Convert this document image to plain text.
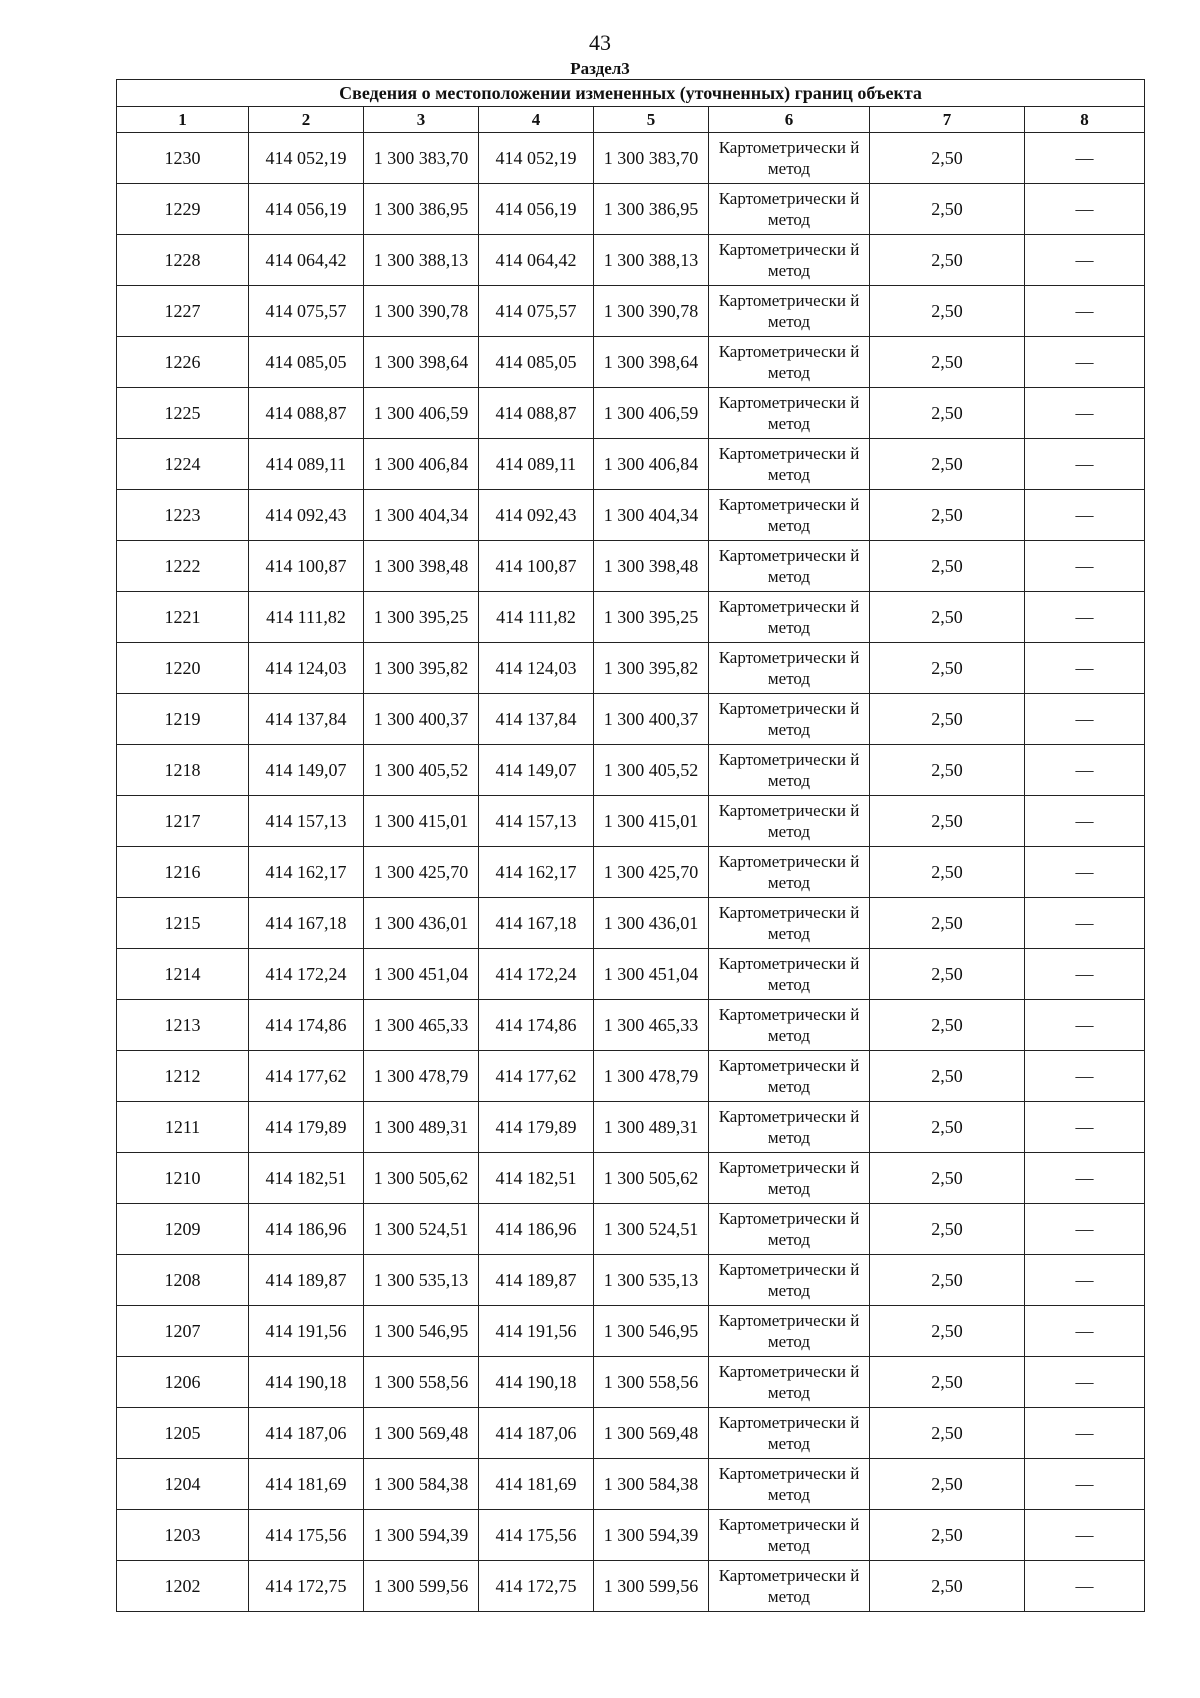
43
Раздел3
Сведения о местоположении измененных (уточненных) границ объекта							
1	2	3	4	5	6	7	8
1230	414 052,19	1 300 383,70	414 052,19	1 300 383,70	Картометрически й метод	2,50	—
1229	414 056,19	1 300 386,95	414 056,19	1 300 386,95	Картометрически й метод	2,50	—
1228	414 064,42	1 300 388,13	414 064,42	1 300 388,13	Картометрически й метод	2,50	—
1227	414 075,57	1 300 390,78	414 075,57	1 300 390,78	Картометрически й метод	2,50	—
1226	414 085,05	1 300 398,64	414 085,05	1 300 398,64	Картометрически й метод	2,50	—
1225	414 088,87	1 300 406,59	414 088,87	1 300 406,59	Картометрически й метод	2,50	—
1224	414 089,11	1 300 406,84	414 089,11	1 300 406,84	Картометрически й метод	2,50	—
1223	414 092,43	1 300 404,34	414 092,43	1 300 404,34	Картометрически й метод	2,50	—
1222	414 100,87	1 300 398,48	414 100,87	1 300 398,48	Картометрически й метод	2,50	—
1221	414 111,82	1 300 395,25	414 111,82	1 300 395,25	Картометрически й метод	2,50	—
1220	414 124,03	1 300 395,82	414 124,03	1 300 395,82	Картометрически й метод	2,50	—
1219	414 137,84	1 300 400,37	414 137,84	1 300 400,37	Картометрически й метод	2,50	—
1218	414 149,07	1 300 405,52	414 149,07	1 300 405,52	Картометрически й метод	2,50	—
1217	414 157,13	1 300 415,01	414 157,13	1 300 415,01	Картометрически й метод	2,50	—
1216	414 162,17	1 300 425,70	414 162,17	1 300 425,70	Картометрически й метод	2,50	—
1215	414 167,18	1 300 436,01	414 167,18	1 300 436,01	Картометрически й метод	2,50	—
1214	414 172,24	1 300 451,04	414 172,24	1 300 451,04	Картометрически й метод	2,50	—
1213	414 174,86	1 300 465,33	414 174,86	1 300 465,33	Картометрически й метод	2,50	—
1212	414 177,62	1 300 478,79	414 177,62	1 300 478,79	Картометрически й метод	2,50	—
1211	414 179,89	1 300 489,31	414 179,89	1 300 489,31	Картометрически й метод	2,50	—
1210	414 182,51	1 300 505,62	414 182,51	1 300 505,62	Картометрически й метод	2,50	—
1209	414 186,96	1 300 524,51	414 186,96	1 300 524,51	Картометрически й метод	2,50	—
1208	414 189,87	1 300 535,13	414 189,87	1 300 535,13	Картометрически й метод	2,50	—
1207	414 191,56	1 300 546,95	414 191,56	1 300 546,95	Картометрически й метод	2,50	—
1206	414 190,18	1 300 558,56	414 190,18	1 300 558,56	Картометрически й метод	2,50	—
1205	414 187,06	1 300 569,48	414 187,06	1 300 569,48	Картометрически й метод	2,50	—
1204	414 181,69	1 300 584,38	414 181,69	1 300 584,38	Картометрически й метод	2,50	—
1203	414 175,56	1 300 594,39	414 175,56	1 300 594,39	Картометрически й метод	2,50	—
1202	414 172,75	1 300 599,56	414 172,75	1 300 599,56	Картометрически й метод	2,50	—
